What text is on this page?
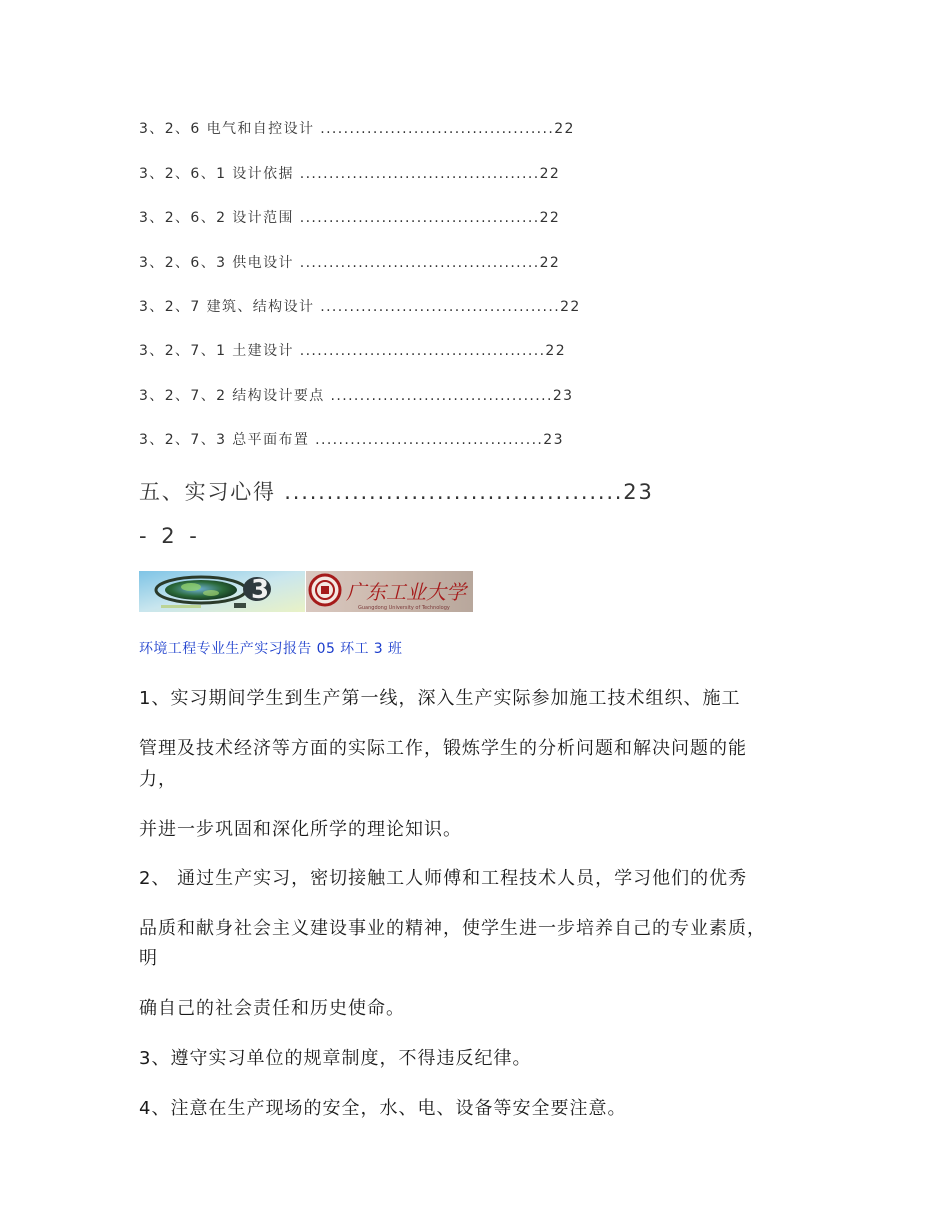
3、2、6 电气和自控设计 ........................................22
3、2、6、1 设计依据 .........................................22
3、2、6、2 设计范围 .........................................22
3、2、6、3 供电设计 .........................................22
3、2、7 建筑、结构设计 .........................................22
3、2、7、1 土建设计 ..........................................22
3、2、7、2 结构设计要点 ......................................23
3、2、7、3 总平面布置 .......................................23
五、实习心得 ........................................23
- 2 -
3	广东工业大学
Guangdong University of Technology
环境工程专业生产实习报告 05 环工 3 班
1、实习期间学生到生产第一线，深入生产实际参加施工技术组织、施工
管理及技术经济等方面的实际工作，锻炼学生的分析问题和解决问题的能
力，
并进一步巩固和深化所学的理论知识。
2、 通过生产实习，密切接触工人师傅和工程技术人员，学习他们的优秀
品质和献身社会主义建设事业的精神，使学生进一步培养自己的专业素质，
明
确自己的社会责任和历史使命。
3、遵守实习单位的规章制度，不得违反纪律。
4、注意在生产现场的安全，水、电、设备等安全要注意。
